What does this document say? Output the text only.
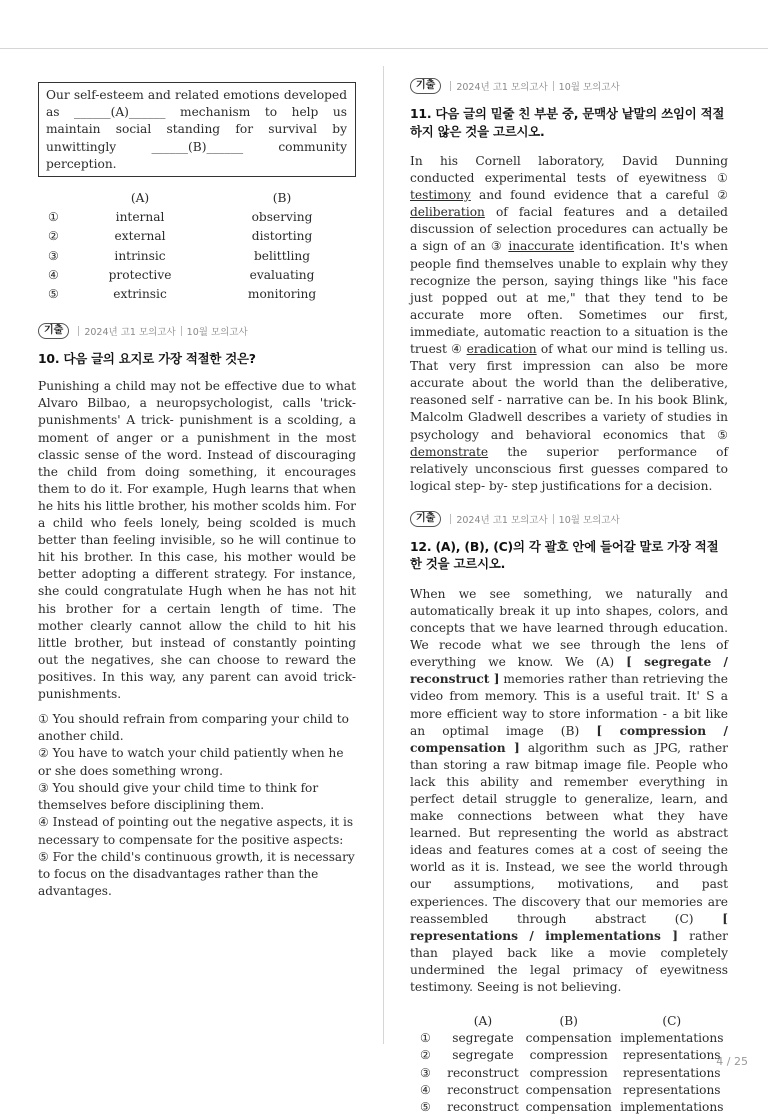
Our self-esteem and related emotions developed as ______(A)______ mechanism to help us maintain social standing for survival by unwittingly ______(B)______ community perception.

	(A)	(B)
①	internal	observing
②	external	distorting
③	intrinsic	belittling
④	protective	evaluating
⑤	extrinsic	monitoring
기출	2024년 고1 모의고사 10월 모의고사

10. 다음 글의 요지로 가장 적절한 것은?

Punishing a child may not be effective due to what Alvaro Bilbao, a neuropsychologist, calls 'trick- punishments' A trick- punishment is a scolding, a moment of anger or a punishment in the most classic sense of the word. Instead of discouraging the child from doing something, it encourages them to do it. For example, Hugh learns that when he hits his little brother, his mother scolds him. For a child who feels lonely, being scolded is much better than feeling invisible, so he will continue to hit his brother. In this case, his mother would be better adopting a different strategy. For instance, she could congratulate Hugh when he has not hit his brother for a certain length of time. The mother clearly cannot allow the child to hit his little brother, but instead of constantly pointing out the negatives, she can choose to reward the positives. In this way, any parent can avoid trick- punishments.

① You should refrain from comparing your child to another child.

② You have to watch your child patiently when he or she does something wrong.

③ You should give your child time to think for themselves before disciplining them.

④ Instead of pointing out the negative aspects, it is necessary to compensate for the positive aspects:

⑤ For the child's continuous growth, it is necessary to focus on the disadvantages rather than the advantages.

기출	2024년 고1 모의고사 10월 모의고사

11. 다음 글의 밑줄 친 부분 중, 문맥상 낱말의 쓰임이 적절하지 않은 것을 고르시오.

In his Cornell laboratory, David Dunning conducted experimental tests of eyewitness ① testimony and found evidence that a careful ② deliberation of facial features and a detailed discussion of selection procedures can actually be a sign of an ③ inaccurate identification. It's when people find themselves unable to explain why they recognize the person, saying things like "his face just popped out at me," that they tend to be accurate more often. Sometimes our first, immediate, automatic reaction to a situation is the truest ④ eradication of what our mind is telling us. That very first impression can also be more accurate about the world than the deliberative, reasoned self - narrative can be. In his book Blink, Malcolm Gladwell describes a variety of studies in psychology and behavioral economics that ⑤ demonstrate the superior performance of relatively unconscious first guesses compared to logical step- by- step justifications for a decision.

기출	2024년 고1 모의고사 10월 모의고사

12. (A), (B), (C)의 각 괄호 안에 들어갈 말로 가장 적절한 것을 고르시오.

When we see something, we naturally and automatically break it up into shapes, colors, and concepts that we have learned through education. We recode what we see through the lens of everything we know. We (A) [ segregate / reconstruct ] memories rather than retrieving the video from memory. This is a useful trait. It' S a more efficient way to store information - a bit like an optimal image (B) [ compression / compensation ] algorithm such as JPG, rather than storing a raw bitmap image file. People who lack this ability and remember everything in perfect detail struggle to generalize, learn, and make connections between what they have learned. But representing the world as abstract ideas and features comes at a cost of seeing the world as it is. Instead, we see the world through our assumptions, motivations, and past experiences. The discovery that our memories are reassembled through abstract (C) [ representations / implementations ] rather than played back like a movie completely undermined the legal primacy of eyewitness testimony. Seeing is not believing.

	(A)	(B)	(C)
①	segregate	compensation	implementations
②	segregate	compression	representations
③	reconstruct	compression	representations
④	reconstruct	compensation	representations
⑤	reconstruct	compensation	implementations
4 / 25
